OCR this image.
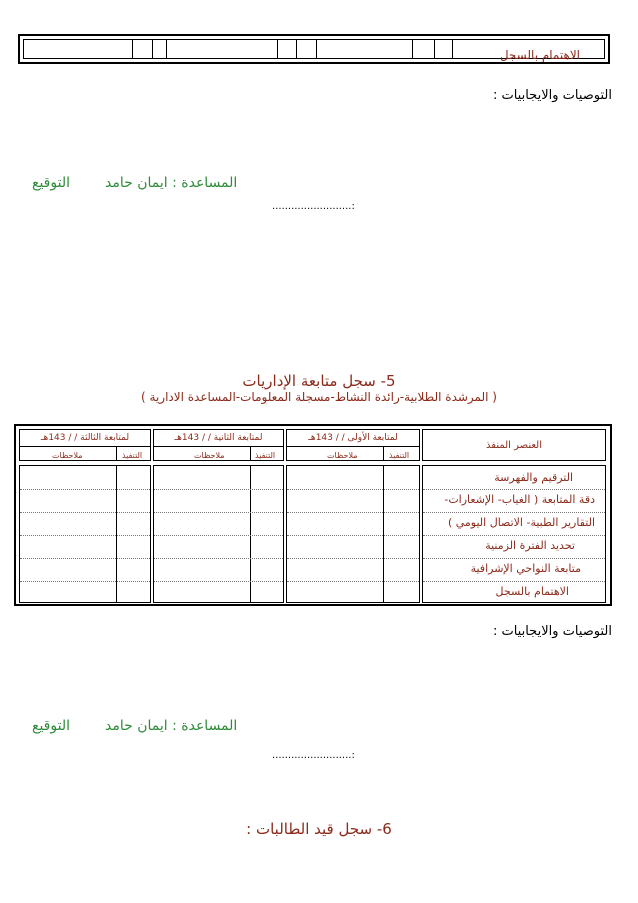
الاهتمام بالسجل
التوصيات والايجابيات :
المساعدة : ايمان حامد
التوقيع
.........................:
5- سجل متابعة الإداريات
( المرشدة الطلابية-رائدة النشاط-مسجلة المعلومات-المساعدة الادارية )
لمتابعة الثالثة / / 143هـ
التنفيذ
ملاحظات
لمتابعة الثانية / / 143هـ
التنفيذ
ملاحظات
لمتابعة الأولى / / 143هـ
التنفيذ
ملاحظات
العنصر المنفذ
الترقيم والفهرسة
دقة المتابعة ( الغياب- الإشعارات-
التقارير الطبية- الاتصال اليومي )
تحديد الفترة الزمنية
متابعة النواحي الإشرافية
الاهتمام بالسجل
التوصيات والايجابيات :
المساعدة : ايمان حامد
التوقيع
.........................:
6- سجل قيد الطالبات :
